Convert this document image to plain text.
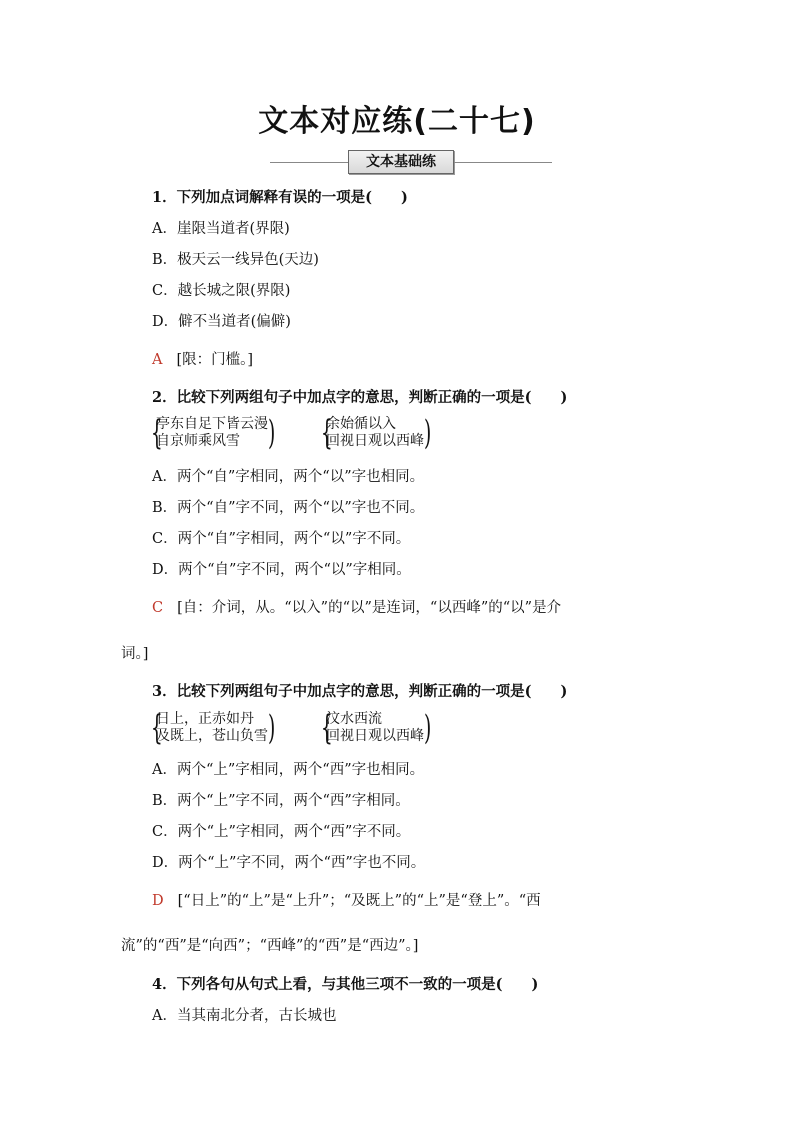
文本对应练(二十七)
文本基础练
1．下列加点词解释有误的一项是(　　)
A．崖限当道者(界限)
B．极天云一线异色(天边)
C．越长城之限(界限)
D．僻不当道者(偏僻)
A [限：门槛。]
2．比较下列两组句子中加点字的意思，判断正确的一项是(　　)
{
亭东自足下皆云漫
自京师乘风雪 ) {
余始循以入
回视日观以西峰 )
A．两个“自”字相同，两个“以”字也相同。
B．两个“自”字不同，两个“以”字也不同。
C．两个“自”字相同，两个“以”字不同。
D．两个“自”字不同，两个“以”字相同。
C [自：介词，从。“以入”的“以”是连词，“以西峰”的“以”是介
词。]
3．比较下列两组句子中加点字的意思，判断正确的一项是(　　)
{
日上，正赤如丹
及既上，苍山负雪 ) {
汶水西流
回视日观以西峰 )
A．两个“上”字相同，两个“西”字也相同。
B．两个“上”字不同，两个“西”字相同。
C．两个“上”字相同，两个“西”字不同。
D．两个“上”字不同，两个“西”字也不同。
D [“日上”的“上”是“上升”；“及既上”的“上”是“登上”。“西
流”的“西”是“向西”；“西峰”的“西”是“西边”。]
4．下列各句从句式上看，与其他三项不一致的一项是(　　)
A．当其南北分者，古长城也
